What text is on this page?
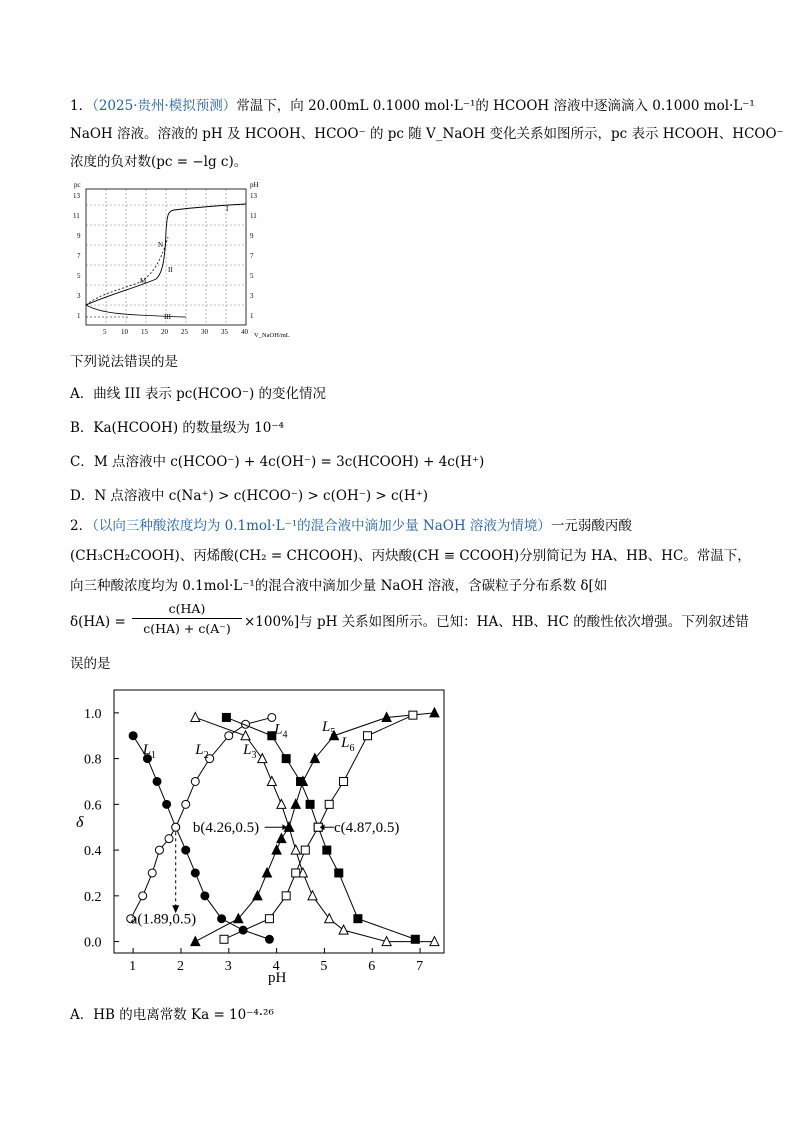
1．（2025·贵州·模拟预测）常温下，向 20.00mL 0.1000 mol·L⁻¹的 HCOOH 溶液中逐滴滴入 0.1000 mol·L⁻¹
NaOH 溶液。溶液的 pH 及 HCOOH、HCOO⁻ 的 pc 随 V_NaOH 变化关系如图所示，pc 表示 HCOOH、HCOO⁻
浓度的负对数(pc = −lg c)。
pc	pH
1
3
5
7
9
11
13
1
3
5
7
9
11
13
5 10 15 20 25 30 35 40 V_NaOH/mL
I
II
III
M
N
下列说法错误的是
A．曲线 III 表示 pc(HCOO⁻) 的变化情况
B．Ka(HCOOH) 的数量级为 10⁻⁴
C．M 点溶液中 c(HCOO⁻) + 4c(OH⁻) = 3c(HCOOH) + 4c(H⁺)
D．N 点溶液中 c(Na⁺) > c(HCOO⁻) > c(OH⁻) > c(H⁺)
2．（以向三种酸浓度均为 0.1mol·L⁻¹的混合液中滴加少量 NaOH 溶液为情境）一元弱酸丙酸
(CH₃CH₂COOH)、丙烯酸(CH₂ = CHCOOH)、丙炔酸(CH ≡ CCOOH)分别简记为 HA、HB、HC。常温下，
向三种酸浓度均为 0.1mol·L⁻¹的混合液中滴加少量 NaOH 溶液，含碳粒子分布系数 δ[如
δ(HA) =
c(HA)
c(HA) + c(A⁻) ×100%]与 pH 关系如图所示。已知：HA、HB、HC 的酸性依次增强。下列叙述错
误的是
1	2	3	4	5	6	7
0.0
0.2
0.4
0.6
0.8
1.0
$L_1$	$L_2$ $L_3$
$L_4$ $L_5$
$L_6$
a(1.89,0.5)
b(4.26,0.5)	c(4.87,0.5)
δ
pH
A．HB 的电离常数 Ka = 10⁻⁴·²⁶
